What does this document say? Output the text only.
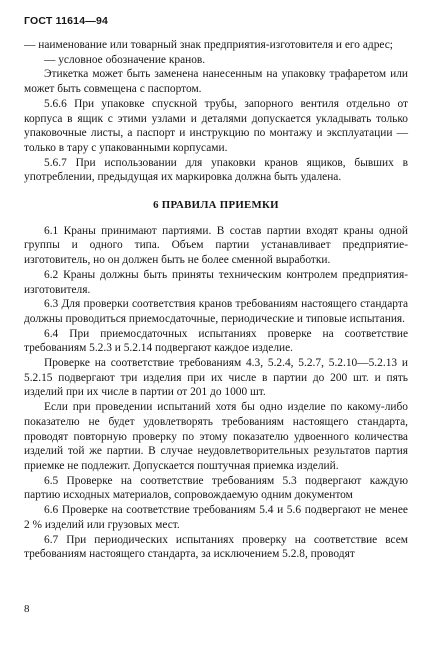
ГОСТ 11614—94

— наименование или товарный знак предприятия-изготовителя и его адрес;

— условное обозначение кранов.

Этикетка может быть заменена нанесенным на упаковку трафаретом или может быть совмещена с паспортом.

5.6.6 При упаковке спускной трубы, запорного вентиля отдельно от корпуса в ящик с этими узлами и деталями допускается укладывать только упаковочные листы, а паспорт и инструкцию по монтажу и эксплуатации — только в тару с упакованными корпусами.

5.6.7 При использовании для упаковки кранов ящиков, бывших в употреблении, предыдущая их маркировка должна быть удалена.

6 ПРАВИЛА ПРИЕМКИ

6.1 Краны принимают партиями. В состав партии входят краны одной группы и одного типа. Объем партии устанавливает предприятие-изготовитель, но он должен быть не более сменной выработки.

6.2 Краны должны быть приняты техническим контролем предприятия-изготовителя.

6.3 Для проверки соответствия кранов требованиям настоящего стандарта должны проводиться приемосдаточные, периодические и типовые испытания.

6.4 При приемосдаточных испытаниях проверке на соответствие требованиям 5.2.3 и 5.2.14 подвергают каждое изделие.

Проверке на соответствие требованиям 4.3, 5.2.4, 5.2.7, 5.2.10—5.2.13 и 5.2.15 подвергают три изделия при их числе в партии до 200 шт. и пять изделий при их числе в партии от 201 до 1000 шт.

Если при проведении испытаний хотя бы одно изделие по какому-либо показателю не будет удовлетворять требованиям настоящего стандарта, проводят повторную проверку по этому показателю удвоенного количества изделий той же партии. В случае неудовлетворительных результатов партия приемке не подлежит. Допускается поштучная приемка изделий.

6.5 Проверке на соответствие требованиям 5.3 подвергают каждую партию исходных материалов, сопровождаемую одним документом

6.6 Проверке на соответствие требованиям 5.4 и 5.6 подвергают не менее 2 % изделий или грузовых мест.

6.7 При периодических испытаниях проверку на соответствие всем требованиям настоящего стандарта, за исключением 5.2.8, проводят

8
